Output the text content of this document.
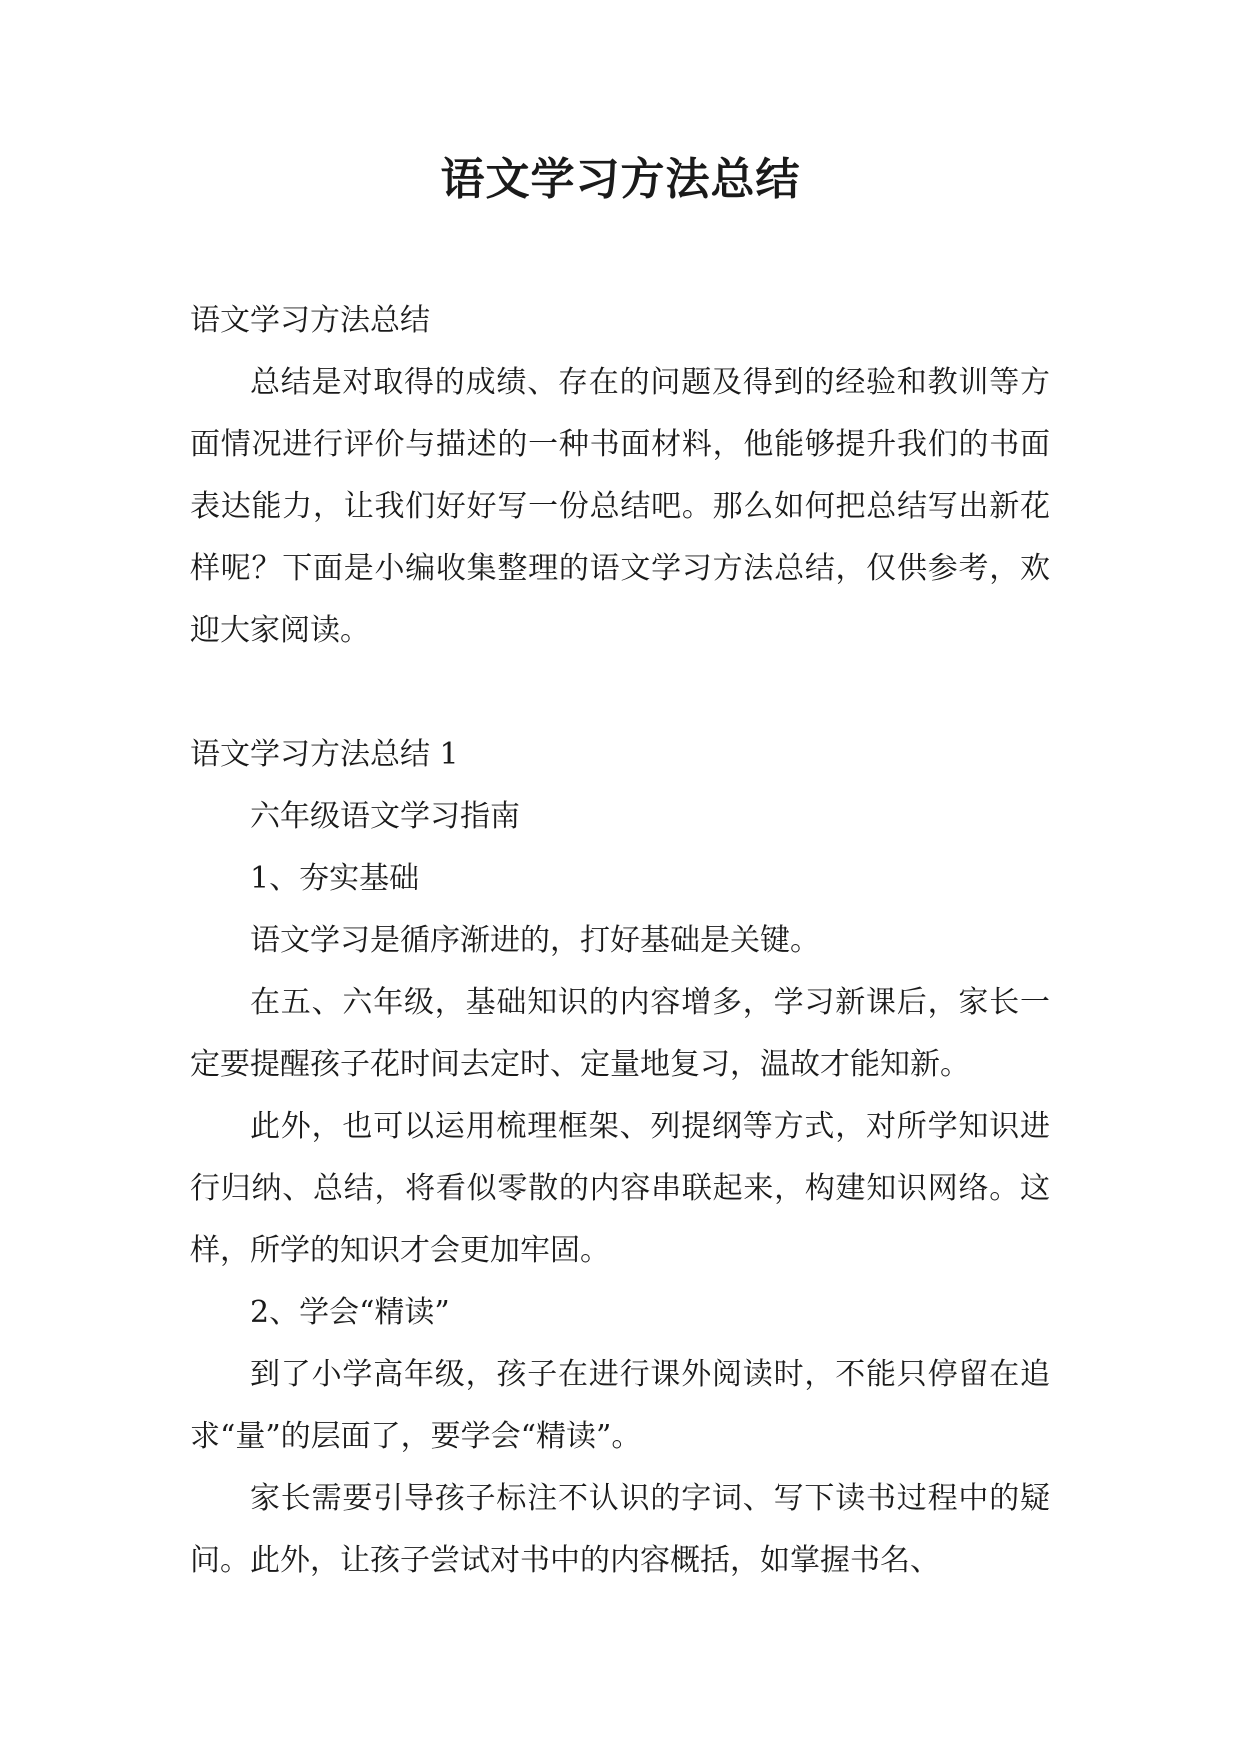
语文学习方法总结

语文学习方法总结

总结是对取得的成绩、存在的问题及得到的经验和教训等方面情况进行评价与描述的一种书面材料，他能够提升我们的书面表达能力，让我们好好写一份总结吧。那么如何把总结写出新花样呢？下面是小编收集整理的语文学习方法总结，仅供参考，欢迎大家阅读。

语文学习方法总结 1

六年级语文学习指南

1、夯实基础

语文学习是循序渐进的，打好基础是关键。

在五、六年级，基础知识的内容增多，学习新课后，家长一定要提醒孩子花时间去定时、定量地复习，温故才能知新。

此外，也可以运用梳理框架、列提纲等方式，对所学知识进行归纳、总结，将看似零散的内容串联起来，构建知识网络。这样，所学的知识才会更加牢固。

2、学会“精读”

到了小学高年级，孩子在进行课外阅读时，不能只停留在追求“量”的层面了，要学会“精读”。

家长需要引导孩子标注不认识的字词、写下读书过程中的疑问。此外，让孩子尝试对书中的内容概括，如掌握书名、
